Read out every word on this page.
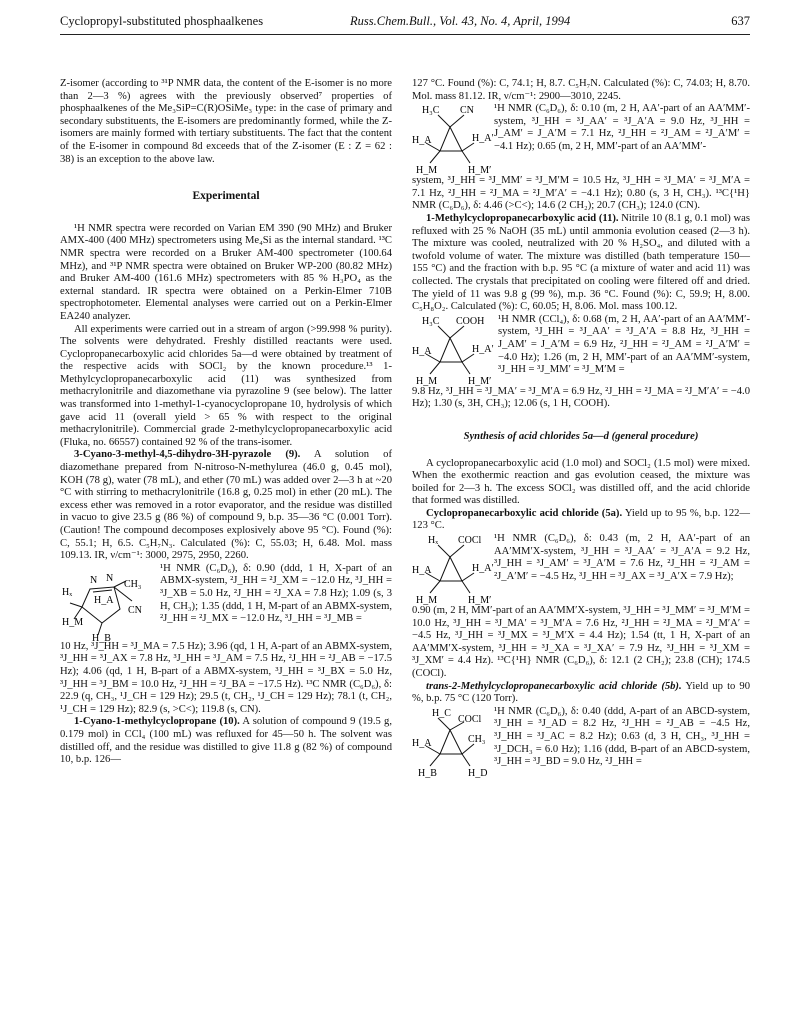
Cyclopropyl-substituted phosphaalkenes	Russ.Chem.Bull., Vol. 43, No. 4, April, 1994	637

Z-isomer (according to ³¹P NMR data, the content of the E-isomer is no more than 2—3 %) agrees with the previously observed⁷ properties of phosphaalkenes of the Me₃SiP=C(R)OSiMe₃ type: in the case of primary and secondary substituents, the E-isomers are predominantly formed, while the Z-isomers are mainly formed with tertiary substituents. The fact that the content of the E-isomer in compound 8d exceeds that of the Z-isomer (E : Z = 62 : 38) is an exception to the above law.

Experimental

¹H NMR spectra were recorded on Varian EM 390 (90 MHz) and Bruker AMX-400 (400 MHz) spectrometers using Me₄Si as the internal standard. ¹³C NMR spectra were recorded on a Bruker AM-400 spectrometer (100.64 MHz), and ³¹P NMR spectra were obtained on Bruker WP-200 (80.82 MHz) and Bruker AM-400 (161.6 MHz) spectrometers with 85 % H₃PO₄ as the external standard. IR spectra were obtained on a Perkin-Elmer 710B spectrophotometer. Elemental analyses were carried out on a Perkin-Elmer EA240 analyzer.

All experiments were carried out in a stream of argon (>99.998 % purity). The solvents were dehydrated. Freshly distilled reactants were used. Cyclopropanecarboxylic acid chlorides 5a—d were obtained by treatment of the respective acids with SOCl₂ by the known procedure.¹³ 1-Methylcyclopropanecarboxylic acid (11) was synthesized from methacrylonitrile and diazomethane via pyrazoline 9 (see below). The latter was transformed into 1-methyl-1-cyanocyclopropane 10, hydrolysis of which gave acid 11 (overall yield > 65 % with respect to the original methacrylonitrile). Commercial grade 2-methylcyclopropanecarboxylic acid (Fluka, no. 66557) contained 92 % of the trans-isomer.

3-Cyano-3-methyl-4,5-dihydro-3H-pyrazole (9). A solution of diazomethane prepared from N-nitroso-N-methylurea (46.0 g, 0.45 mol), KOH (78 g), water (78 mL), and ether (70 mL) was added over 2—3 h at ~20 °C with stirring to methacrylonitrile (16.8 g, 0.25 mol) in ether (20 mL). The excess ether was removed in a rotor evaporator, and the residue was distilled in vacuo to give 23.5 g (86 %) of compound 9, b.p. 35—36 °C (0.001 Torr). (Caution! The compound decomposes explosively above 95 °C). Found (%): C, 55.1; H, 6.5. C₅H₇N₃. Calculated (%): C, 55.03; H, 6.48. Mol. mass 109.13. IR, ν/cm⁻¹: 3000, 2975, 2950, 2260.

Hₓ
N N
H_A
CH₃
H_M
CN
H_B
¹H NMR (C₆D₆), δ: 0.90 (ddd, 1 H, X-part of an ABMX-system, ²J_HH = ²J_XM = −12.0 Hz, ³J_HH = ³J_XB = 5.0 Hz, ²J_HH = ²J_XA = 7.8 Hz); 1.09 (s, 3 H, CH₃); 1.35 (ddd, 1 H, M-part of an ABMX-system, ²J_HH = ²J_MX = −12.0 Hz, ³J_HH = ³J_MB =

10 Hz, ³J_HH = ³J_MA = 7.5 Hz); 3.96 (qd, 1 H, A-part of an ABMX-system, ³J_HH = ³J_AX = 7.8 Hz, ³J_HH = ³J_AM = 7.5 Hz, ²J_HH = ²J_AB = −17.5 Hz); 4.06 (qd, 1 H, B-part of a ABMX-system, ³J_HH = ³J_BX = 5.0 Hz, ³J_HH = ³J_BM = 10.0 Hz, ²J_HH = ²J_BA = −17.5 Hz). ¹³C NMR (C₆D₆), δ: 22.9 (q, CH₃, ¹J_CH = 129 Hz); 29.5 (t, CH₂, ¹J_CH = 129 Hz); 78.1 (t, CH₂, ¹J_CH = 129 Hz); 82.9 (s, >C<); 119.8 (s, CN).

1-Cyano-1-methylcyclopropane (10). A solution of compound 9 (19.5 g, 0.179 mol) in CCl₄ (100 mL) was refluxed for 45—50 h. The solvent was distilled off, and the residue was distilled to give 11.8 g (82 %) of compound 10, b.p. 126—

127 °C. Found (%): C, 74.1; H, 8.7. C₅H₇N. Calculated (%): C, 74.03; H, 8.70. Mol. mass 81.12. IR, ν/cm⁻¹: 2900—3010, 2245.

H₃C CN
H_A	H_A′
H_M	H_M′
¹H NMR (C₆D₆), δ: 0.10 (m, 2 H, AA′-part of an AA′MM′-system, ³J_HH = ³J_AA′ = ³J_A′A = 9.0 Hz, ³J_HH = J_AM′ = J_A′M = 7.1 Hz, ²J_HH = ²J_AM = ²J_A′M′ = −4.1 Hz); 0.65 (m, 2 H, MM′-part of an AA′MM′-

system, ³J_HH = ³J_MM′ = ³J_M′M = 10.5 Hz, ³J_HH = ³J_MA′ = ³J_M′A = 7.1 Hz, ²J_HH = ²J_MA = ²J_M′A′ = −4.1 Hz); 0.80 (s, 3 H, CH₃). ¹³C{¹H} NMR (C₆D₆), δ: 4.46 (>C<); 14.6 (2 CH₂); 20.7 (CH₃); 124.0 (CN).

1-Methylcyclopropanecarboxylic acid (11). Nitrile 10 (8.1 g, 0.1 mol) was refluxed with 25 % NaOH (35 mL) until ammonia evolution ceased (2—3 h). The mixture was cooled, neutralized with 20 % H₂SO₄, and diluted with a twofold volume of water. The mixture was distilled (bath temperature 150—155 °C) and the fraction with b.p. 95 °C (a mixture of water and acid 11) was collected. The crystals that precipitated on cooling were filtered off and dried. The yield of 11 was 9.8 g (99 %), m.p. 36 °C. Found (%): C, 59.9; H, 8.00. C₅H₈O₂. Calculated (%): C, 60.05; H, 8.06. Mol. mass 100.12.

H₃C COOH
H_A	H_A′
H_M	H_M′
¹H NMR (CCl₄), δ: 0.68 (m, 2 H, AA′-part of an AA′MM′-system, ³J_HH = ³J_AA′ = ³J_A′A = 8.8 Hz, ³J_HH = J_AM′ = J_A′M = 6.9 Hz, ²J_HH = ²J_AM = ²J_A′M′ = −4.0 Hz); 1.26 (m, 2 H, MM′-part of an AA′MM′-system, ³J_HH = ³J_MM′ = ³J_M′M =

9.8 Hz, ³J_HH = ³J_MA′ = ³J_M′A = 6.9 Hz, ²J_HH = ²J_MA = ²J_M′A′ = −4.0 Hz); 1.30 (s, 3H, CH₃); 12.06 (s, 1 H, COOH).

Synthesis of acid chlorides 5a—d (general procedure)

A cyclopropanecarboxylic acid (1.0 mol) and SOCl₂ (1.5 mol) were mixed. When the exothermic reaction and gas evolution ceased, the mixture was boiled for 2—3 h. The excess SOCl₂ was distilled off, and the acid chloride that formed was distilled.

Cyclopropanecarboxylic acid chloride (5a). Yield up to 95 %, b.p. 122—123 °C.

Hₓ COCl
H_A	H_A′
H_M	H_M′
¹H NMR (C₆D₆), δ: 0.43 (m, 2 H, AA′-part of an AA′MM′X-system, ³J_HH = ³J_AA′ = ³J_A′A = 9.2 Hz, ³J_HH = ³J_AM′ = ³J_A′M = 7.6 Hz, ²J_HH = ²J_AM = ²J_A′M′ = −4.5 Hz, ³J_HH = ³J_AX = ³J_A′X = 7.9 Hz);

0.90 (m, 2 H, MM′-part of an AA′MM′X-system, ³J_HH = ³J_MM′ = ³J_M′M = 10.0 Hz, ³J_HH = ³J_MA′ = ³J_M′A = 7.6 Hz, ²J_HH = ²J_MA = ²J_M′A′ = −4.5 Hz, ³J_HH = ³J_MX = ³J_M′X = 4.4 Hz); 1.54 (tt, 1 H, X-part of an AA′MM′X-system, ³J_HH = ³J_XA = ³J_XA′ = 7.9 Hz, ³J_HH = ³J_XM = ³J_XM′ = 4.4 Hz). ¹³C{¹H} NMR (C₆D₆), δ: 12.1 (2 CH₂); 23.8 (CH); 174.5 (COCl).

trans-2-Methylcyclopropanecarboxylic acid chloride (5b). Yield up to 90 %, b.p. 75 °C (120 Torr).

H_C
COCl
H_A	CH₃
H_B	H_D
¹H NMR (C₆D₆), δ: 0.40 (ddd, A-part of an ABCD-system, ³J_HH = ³J_AD = 8.2 Hz, ²J_HH = ²J_AB = −4.5 Hz, ³J_HH = ³J_AC = 8.2 Hz); 0.63 (d, 3 H, CH₃, ³J_HH = ³J_DCH₃ = 6.0 Hz); 1.16 (ddd, B-part of an ABCD-system, ³J_HH = ³J_BD = 9.0 Hz, ²J_HH =
